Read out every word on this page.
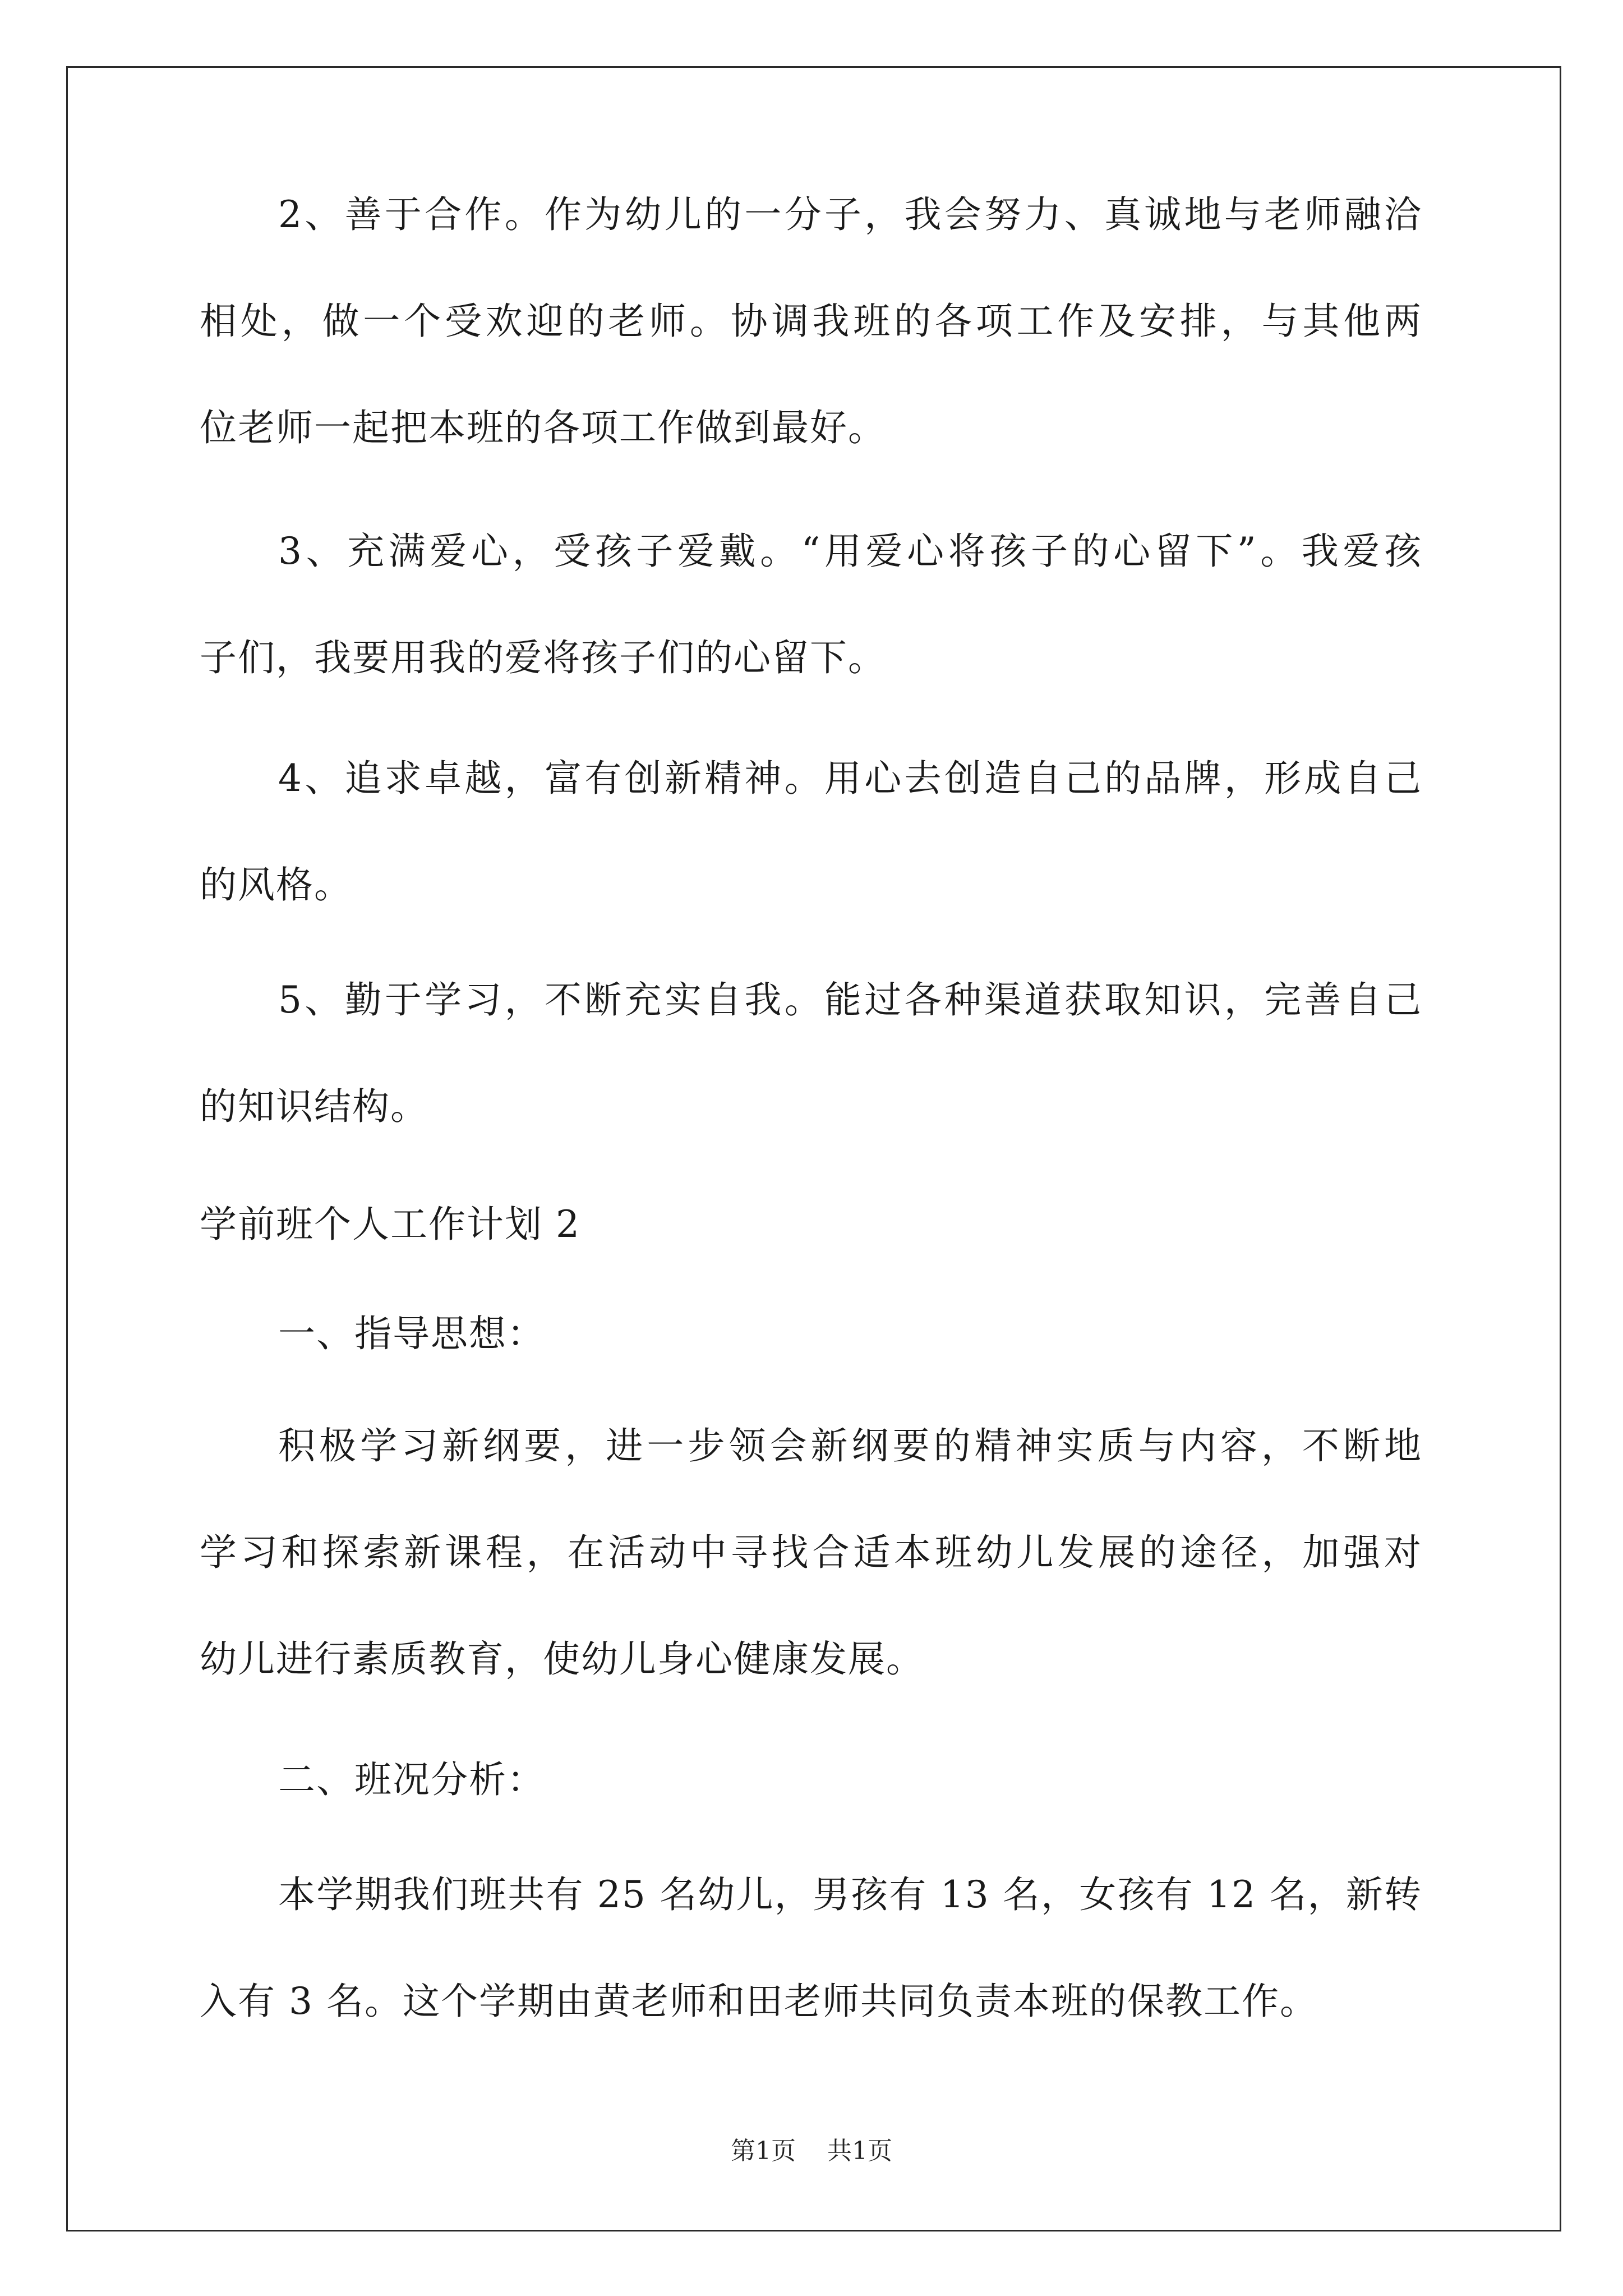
2、善于合作。作为幼儿的一分子，我会努力、真诚地与老师融洽
相处，做一个受欢迎的老师。协调我班的各项工作及安排，与其他两
位老师一起把本班的各项工作做到最好。
3、充满爱心，受孩子爱戴。“用爱心将孩子的心留下”。我爱孩
子们，我要用我的爱将孩子们的心留下。
4、追求卓越，富有创新精神。用心去创造自己的品牌，形成自己
的风格。
5、勤于学习，不断充实自我。能过各种渠道获取知识，完善自己
的知识结构。
学前班个人工作计划 2
一、指导思想：
积极学习新纲要，进一步领会新纲要的精神实质与内容，不断地
学习和探索新课程，在活动中寻找合适本班幼儿发展的途径，加强对
幼儿进行素质教育，使幼儿身心健康发展。
二、班况分析：
本学期我们班共有 25 名幼儿，男孩有 13 名，女孩有 12 名，新转
入有 3 名。这个学期由黄老师和田老师共同负责本班的保教工作。
第1页 共1页
